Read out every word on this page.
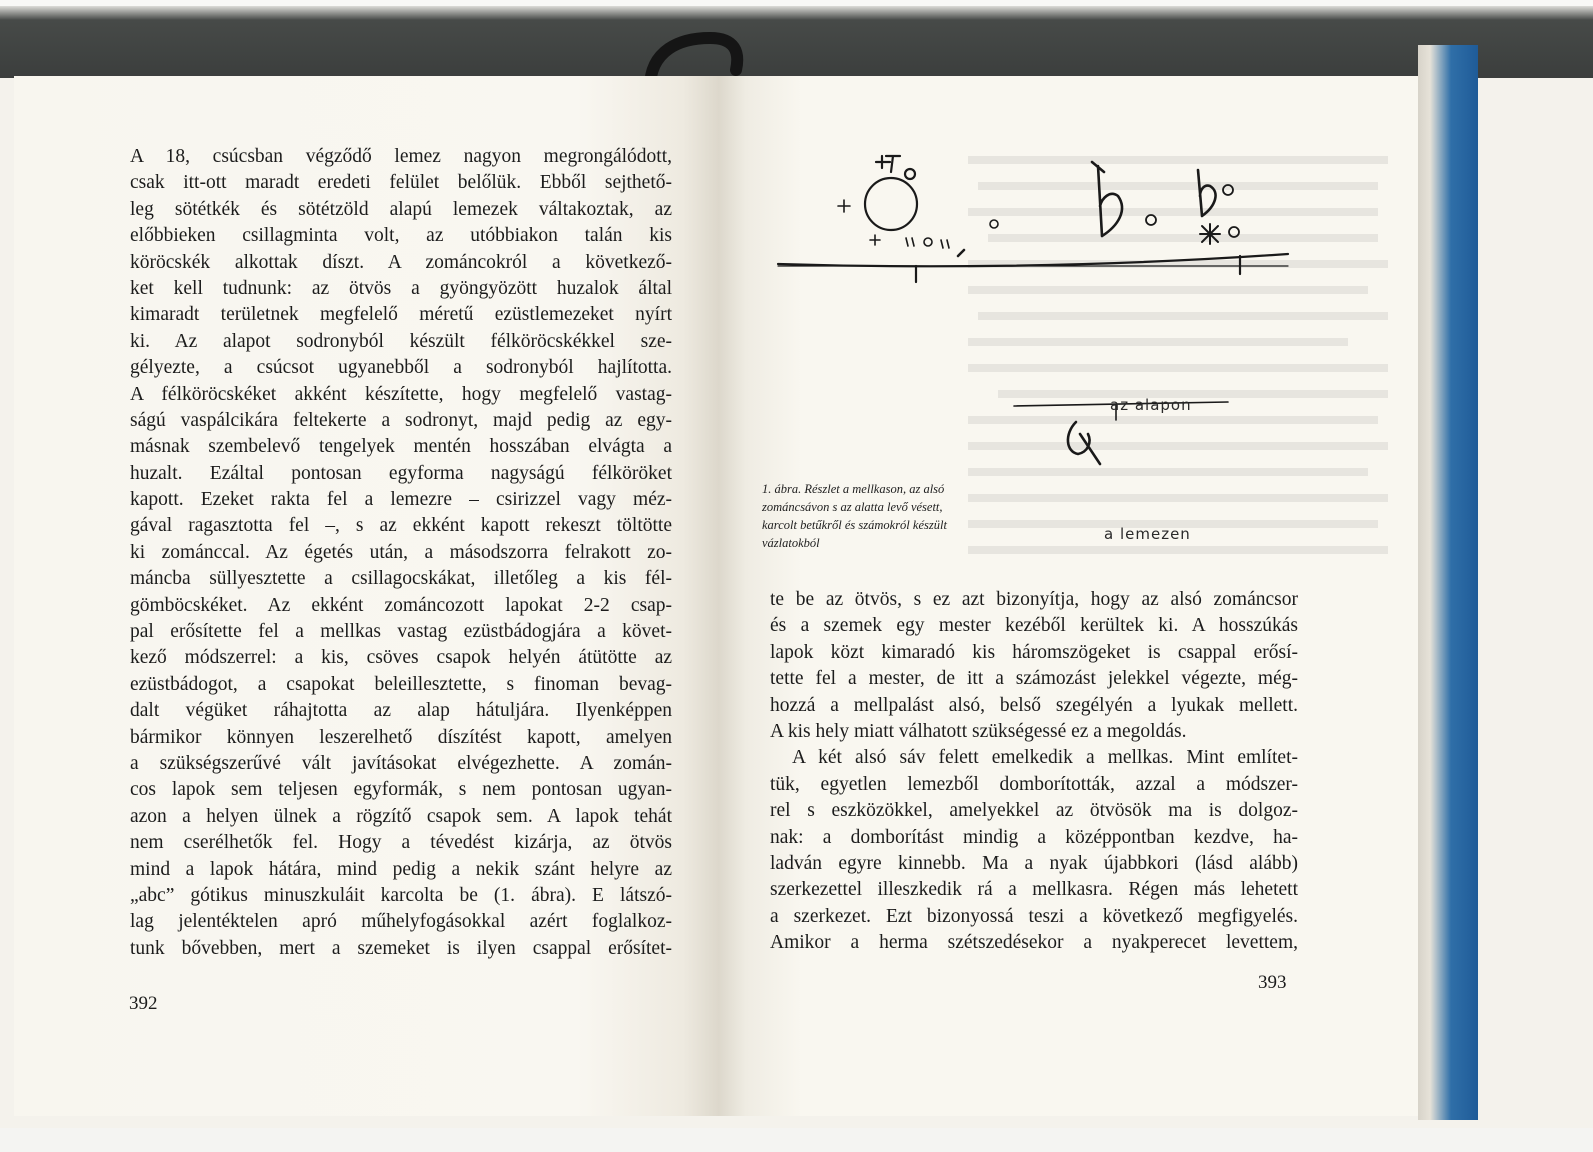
A 18, csúcsban végződő lemez nagyon megrongálódott,
csak itt-ott maradt eredeti felület belőlük. Ebből sejthető-
leg sötétkék és sötétzöld alapú lemezek váltakoztak, az
előbbieken csillagminta volt, az utóbbiakon talán kis
köröcskék alkottak díszt. A zománcokról a következő-
ket kell tudnunk: az ötvös a gyöngyözött huzalok által
kimaradt területnek megfelelő méretű ezüstlemezeket nyírt
ki. Az alapot sodronyból készült félköröcskékkel sze-
gélyezte, a csúcsot ugyanebből a sodronyból hajlította.
A félköröcskéket akként készítette, hogy megfelelő vastag-
ságú vaspálcikára feltekerte a sodronyt, majd pedig az egy-
másnak szembelevő tengelyek mentén hosszában elvágta a
huzalt. Ezáltal pontosan egyforma nagyságú félköröket
kapott. Ezeket rakta fel a lemezre – csirizzel vagy méz-
gával ragasztotta fel –, s az ekként kapott rekeszt töltötte
ki zománccal. Az égetés után, a másodszorra felrakott zo-
máncba süllyesztette a csillagocskákat, illetőleg a kis fél-
gömböcskéket. Az ekként zománcozott lapokat 2-2 csap-
pal erősítette fel a mellkas vastag ezüstbádogjára a követ-
kező módszerrel: a kis, csöves csapok helyén átütötte az
ezüstbádogot, a csapokat beleillesztette, s finoman bevag-
dalt végüket ráhajtotta az alap hátuljára. Ilyenképpen
bármikor könnyen leszerelhető díszítést kapott, amelyen
a szükségszerűvé vált javításokat elvégezhette. A zomán-
cos lapok sem teljesen egyformák, s nem pontosan ugyan-
azon a helyen ülnek a rögzítő csapok sem. A lapok tehát
nem cserélhetők fel. Hogy a tévedést kizárja, az ötvös
mind a lapok hátára, mind pedig a nekik szánt helyre az
„abc” gótikus minuszkuláit karcolta be (1. ábra). E látszó-
lag jelentéktelen apró műhelyfogásokkal azért foglalkoz-
tunk bővebben, mert a szemeket is ilyen csappal erősítet-
392
az alapon
a lemezen
1. ábra. Részlet a mellkason, az alsó
zománcsávon s az alatta levő vésett,
karcolt betűkről és számokról készült
vázlatokból
te be az ötvös, s ez azt bizonyítja, hogy az alsó zománcsor
és a szemek egy mester kezéből kerültek ki. A hosszúkás
lapok közt kimaradó kis háromszögeket is csappal erősí-
tette fel a mester, de itt a számozást jelekkel végezte, még-
hozzá a mellpalást alsó, belső szegélyén a lyukak mellett.
A kis hely miatt válhatott szükségessé ez a megoldás.
A két alsó sáv felett emelkedik a mellkas. Mint említet-
tük, egyetlen lemezből domborították, azzal a módszer-
rel s eszközökkel, amelyekkel az ötvösök ma is dolgoz-
nak: a domborítást mindig a középpontban kezdve, ha-
ladván egyre kinnebb. Ma a nyak újabbkori (lásd alább)
szerkezettel illeszkedik rá a mellkasra. Régen más lehetett
a szerkezet. Ezt bizonyossá teszi a következő megfigyelés.
Amikor a herma szétszedésekor a nyakperecet levettem,
393
